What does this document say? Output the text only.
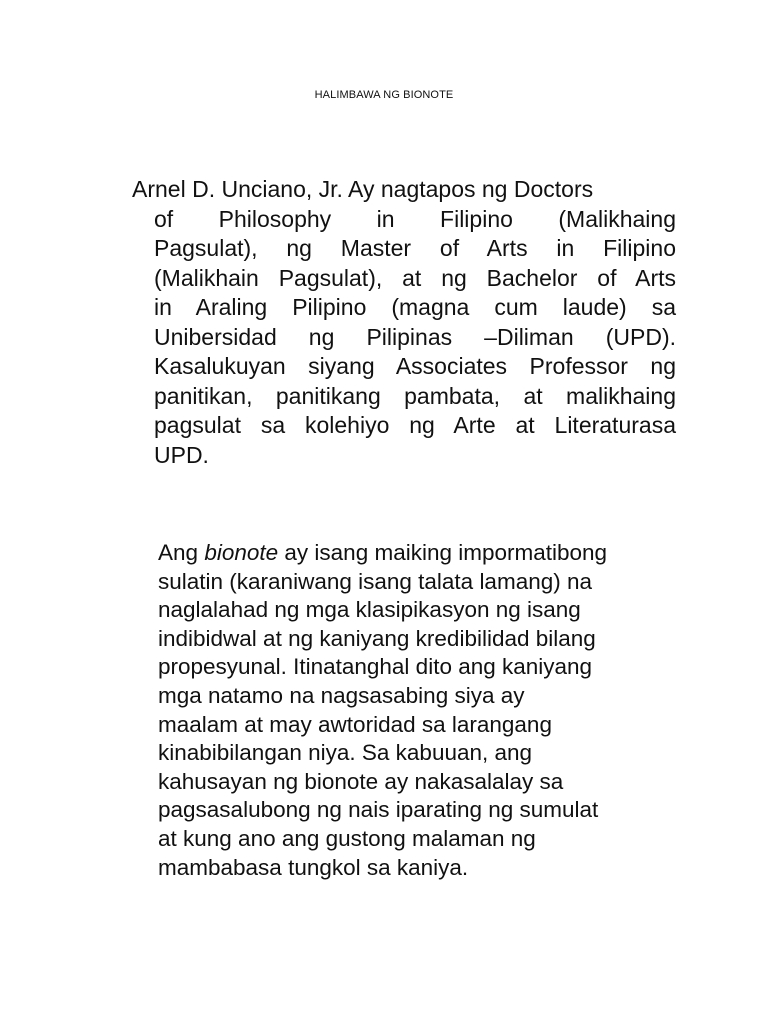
HALIMBAWA NG BIONOTE
Arnel D. Unciano, Jr. Ay nagtapos ng Doctors
of Philosophy in Filipino (Malikhaing
Pagsulat), ng Master of Arts in Filipino
(Malikhain Pagsulat), at ng Bachelor of Arts
in Araling Pilipino (magna cum laude) sa
Unibersidad ng Pilipinas –Diliman (UPD).
Kasalukuyan siyang Associates Professor ng
panitikan, panitikang pambata, at malikhaing
pagsulat sa kolehiyo ng Arte at Literaturasa
UPD.
Ang bionote ay isang maiking impormatibong
sulatin (karaniwang isang talata lamang) na
naglalahad ng mga klasipikasyon ng isang
indibidwal at ng kaniyang kredibilidad bilang
propesyunal. Itinatanghal dito ang kaniyang
mga natamo na nagsasabing siya ay
maalam at may awtoridad sa larangang
kinabibilangan niya. Sa kabuuan, ang
kahusayan ng bionote ay nakasalalay sa
pagsasalubong ng nais iparating ng sumulat
at kung ano ang gustong malaman ng
mambabasa tungkol sa kaniya.
